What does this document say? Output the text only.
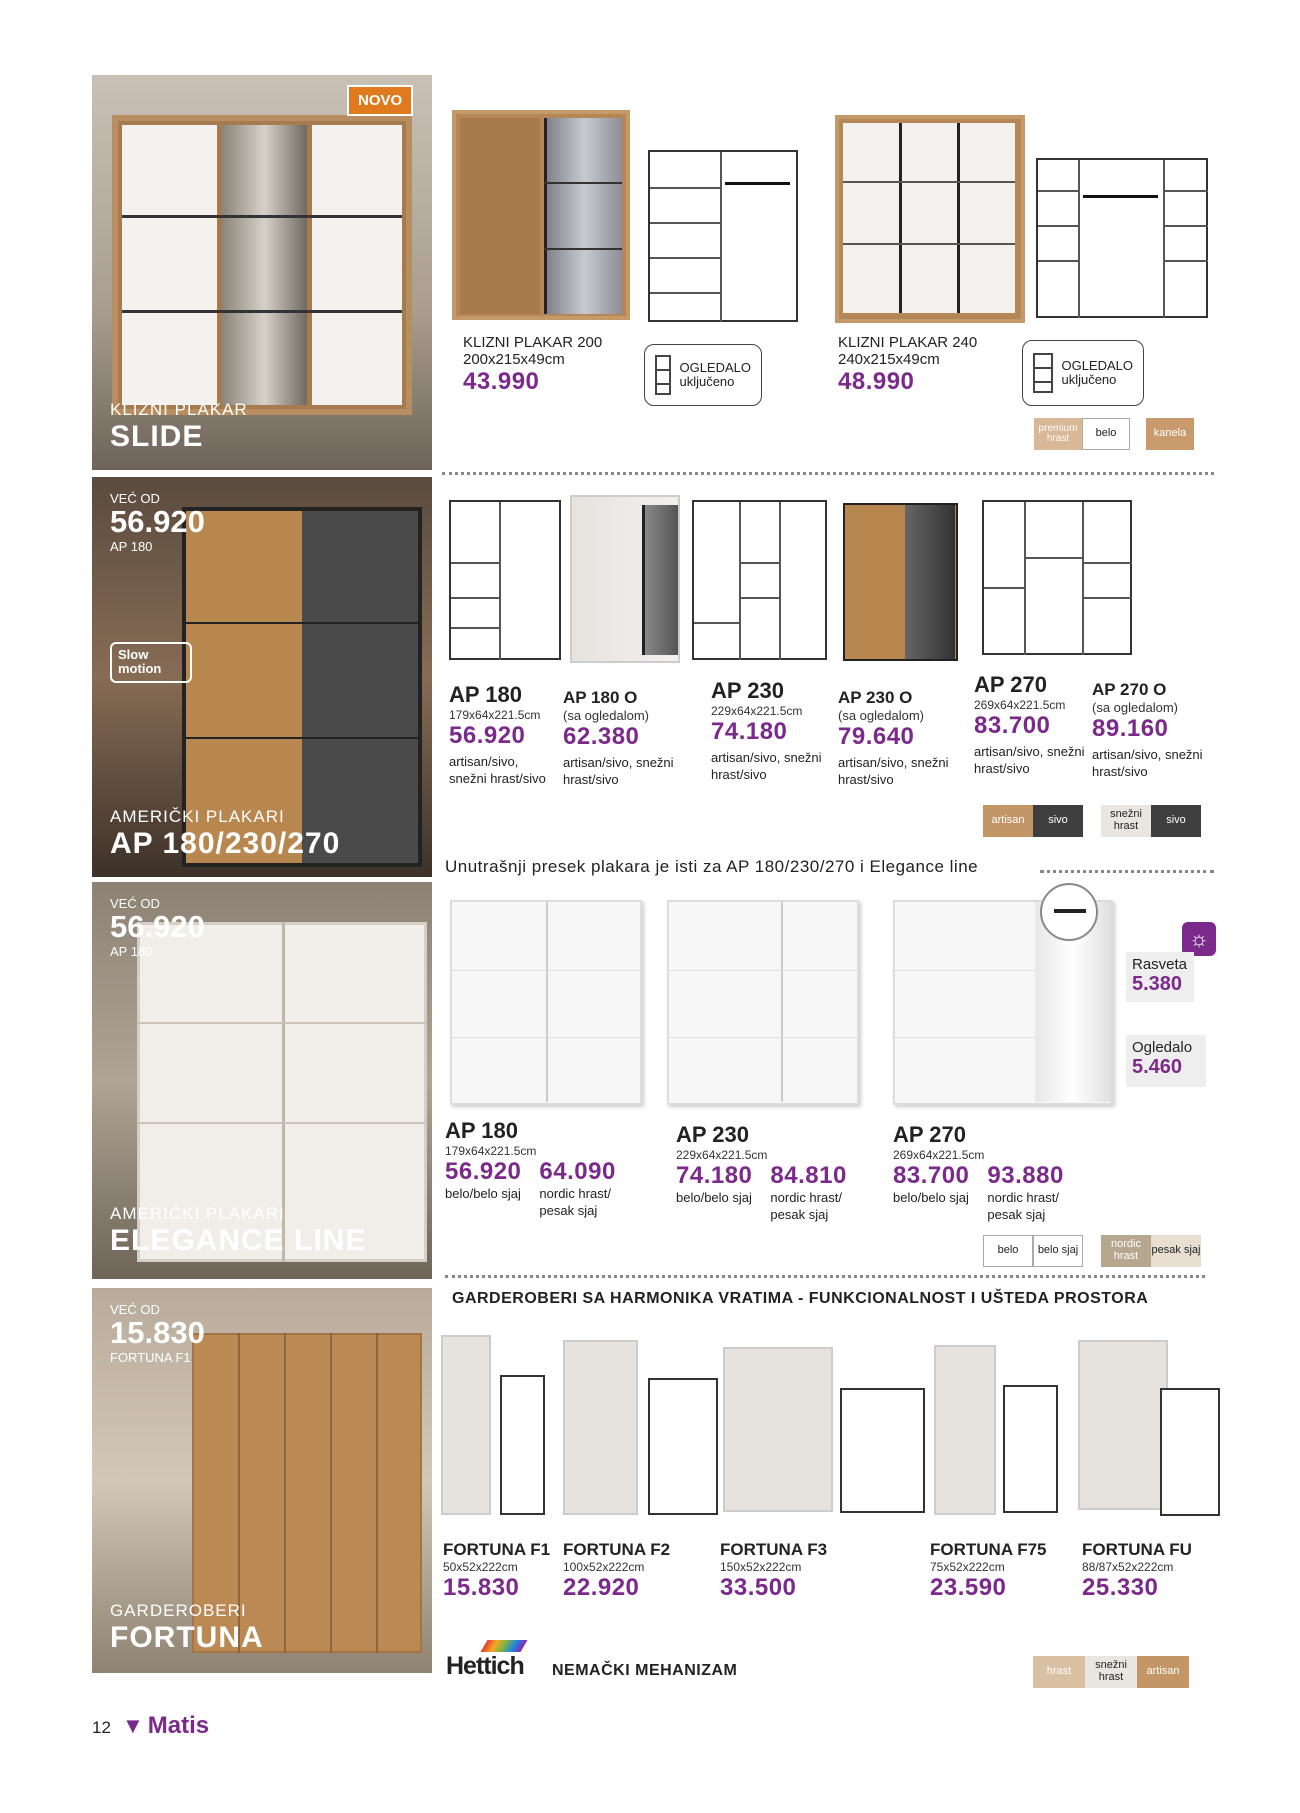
NOVO
KLIZNI PLAKAR
SLIDE
KLIZNI PLAKAR 200
200x215x49cm
43.990
OGLEDALO
uključeno
KLIZNI PLAKAR 240
240x215x49cm
48.990
OGLEDALO
uključeno
premium hrast	belo	kanela
VEĆ OD
56.920
AP 180
Slow motion
AMERIČKI PLAKARI
AP 180/230/270
AP 180
179x64x221.5cm
56.920
artisan/sivo, snežni hrast/sivo
AP 180 O
(sa ogledalom)
62.380
artisan/sivo, snežni hrast/sivo
AP 230
229x64x221.5cm
74.180
artisan/sivo, snežni hrast/sivo
AP 230 O
(sa ogledalom)
79.640
artisan/sivo, snežni hrast/sivo
AP 270
269x64x221.5cm
83.700
artisan/sivo, snežni hrast/sivo
AP 270 O
(sa ogledalom)
89.160
artisan/sivo, snežni hrast/sivo
artisan	sivo	snežni hrast	sivo
Unutrašnji presek plakara je isti za AP 180/230/270 i Elegance line
VEĆ OD
56.920
AP 180
AMERIČKI PLAKARI
ELEGANCE LINE
☼
Rasveta
5.380
Ogledalo
5.460
AP 180
179x64x221.5cm
56.920
belo/belo sjaj
64.090
nordic hrast/ pesak sjaj
AP 230
229x64x221.5cm
74.180
belo/belo sjaj
84.810
nordic hrast/ pesak sjaj
AP 270
269x64x221.5cm
83.700
belo/belo sjaj
93.880
nordic hrast/ pesak sjaj
belo	belo sjaj	nordic hrast	pesak sjaj
VEĆ OD
15.830
FORTUNA F1
GARDEROBERI
FORTUNA
GARDEROBERI SA HARMONIKA VRATIMA - FUNKCIONALNOST I UŠTEDA PROSTORA
FORTUNA F1
50x52x222cm
15.830
FORTUNA F2
100x52x222cm
22.920
FORTUNA F3
150x52x222cm
33.500
FORTUNA F75
75x52x222cm
23.590
FORTUNA FU
88/87x52x222cm
25.330
Hettich NEMAČKI MEHANIZAM	hrast	snežni hrast	artisan
12 ▼ Matis
